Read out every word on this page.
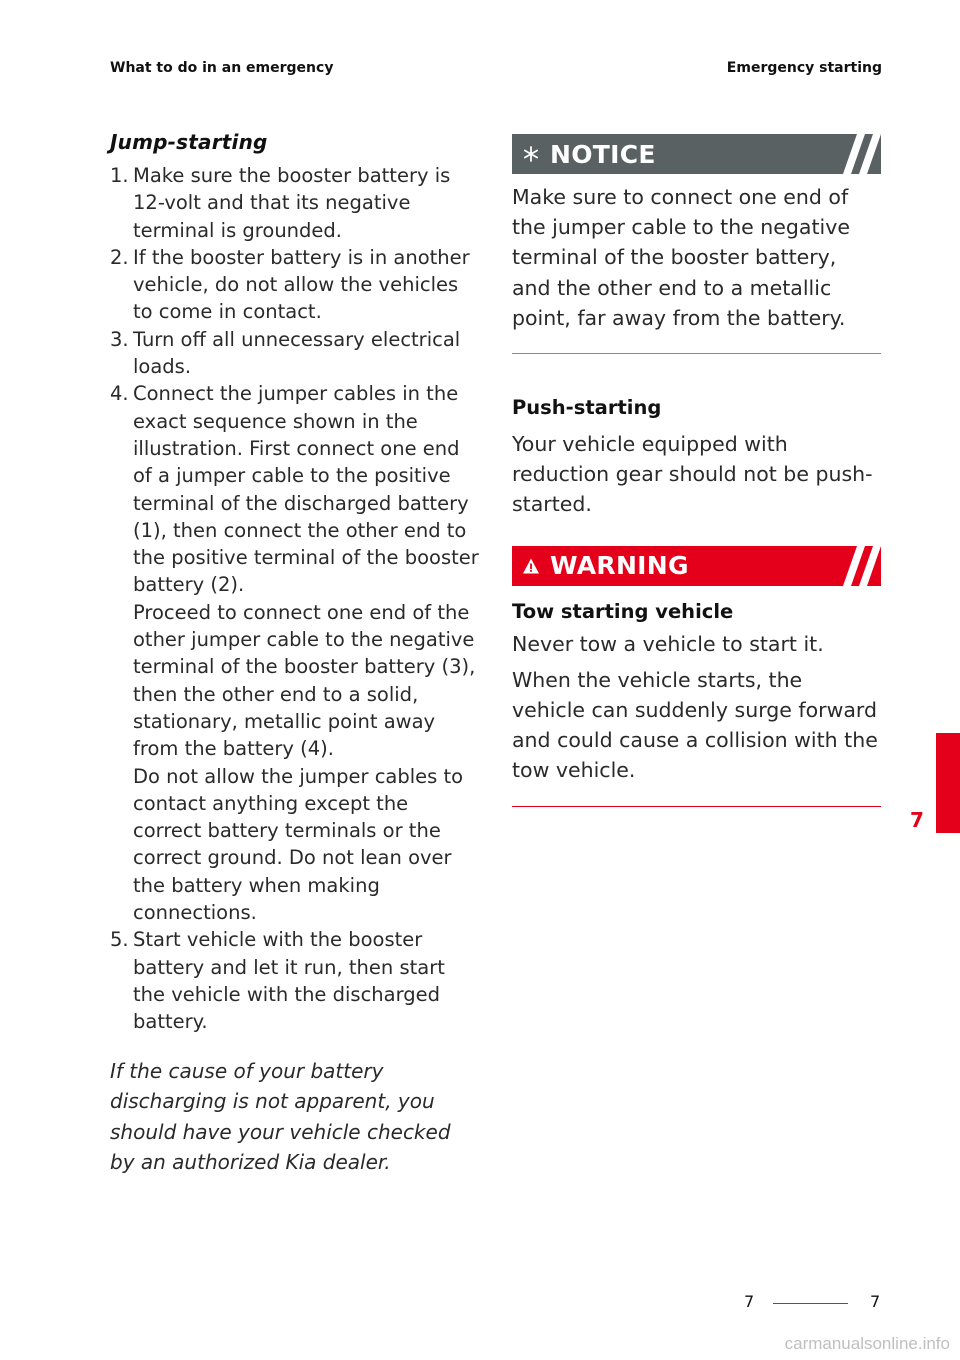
What to do in an emergency	Emergency starting
Jump-starting
1. Make sure the booster battery is 12-volt and that its negative terminal is grounded.
2. If the booster battery is in another vehicle, do not allow the vehicles to come in contact.
3. Turn off all unnecessary electrical loads.
4. Connect the jumper cables in the exact sequence shown in the illustration. First connect one end of a jumper cable to the positive terminal of the discharged battery (1), then connect the other end to the positive terminal of the booster battery (2).
Proceed to connect one end of the other jumper cable to the negative terminal of the booster battery (3), then the other end to a solid, stationary, metallic point away from the battery (4).
Do not allow the jumper cables to contact anything except the correct battery terminals or the correct ground. Do not lean over the battery when making connections.
5. Start vehicle with the booster battery and let it run, then start the vehicle with the discharged battery.
If the cause of your battery discharging is not apparent, you should have your vehicle checked by an authorized Kia dealer.
NOTICE

Make sure to connect one end of the jumper cable to the negative terminal of the booster battery, and the other end to a metallic point, far away from the battery.

Push-starting

Your vehicle equipped with reduction gear should not be push-started.

WARNING
Tow starting vehicle

Never tow a vehicle to start it.

When the vehicle starts, the vehicle can suddenly surge forward and could cause a collision with the tow vehicle.

7
7	7
carmanualsonline.info
